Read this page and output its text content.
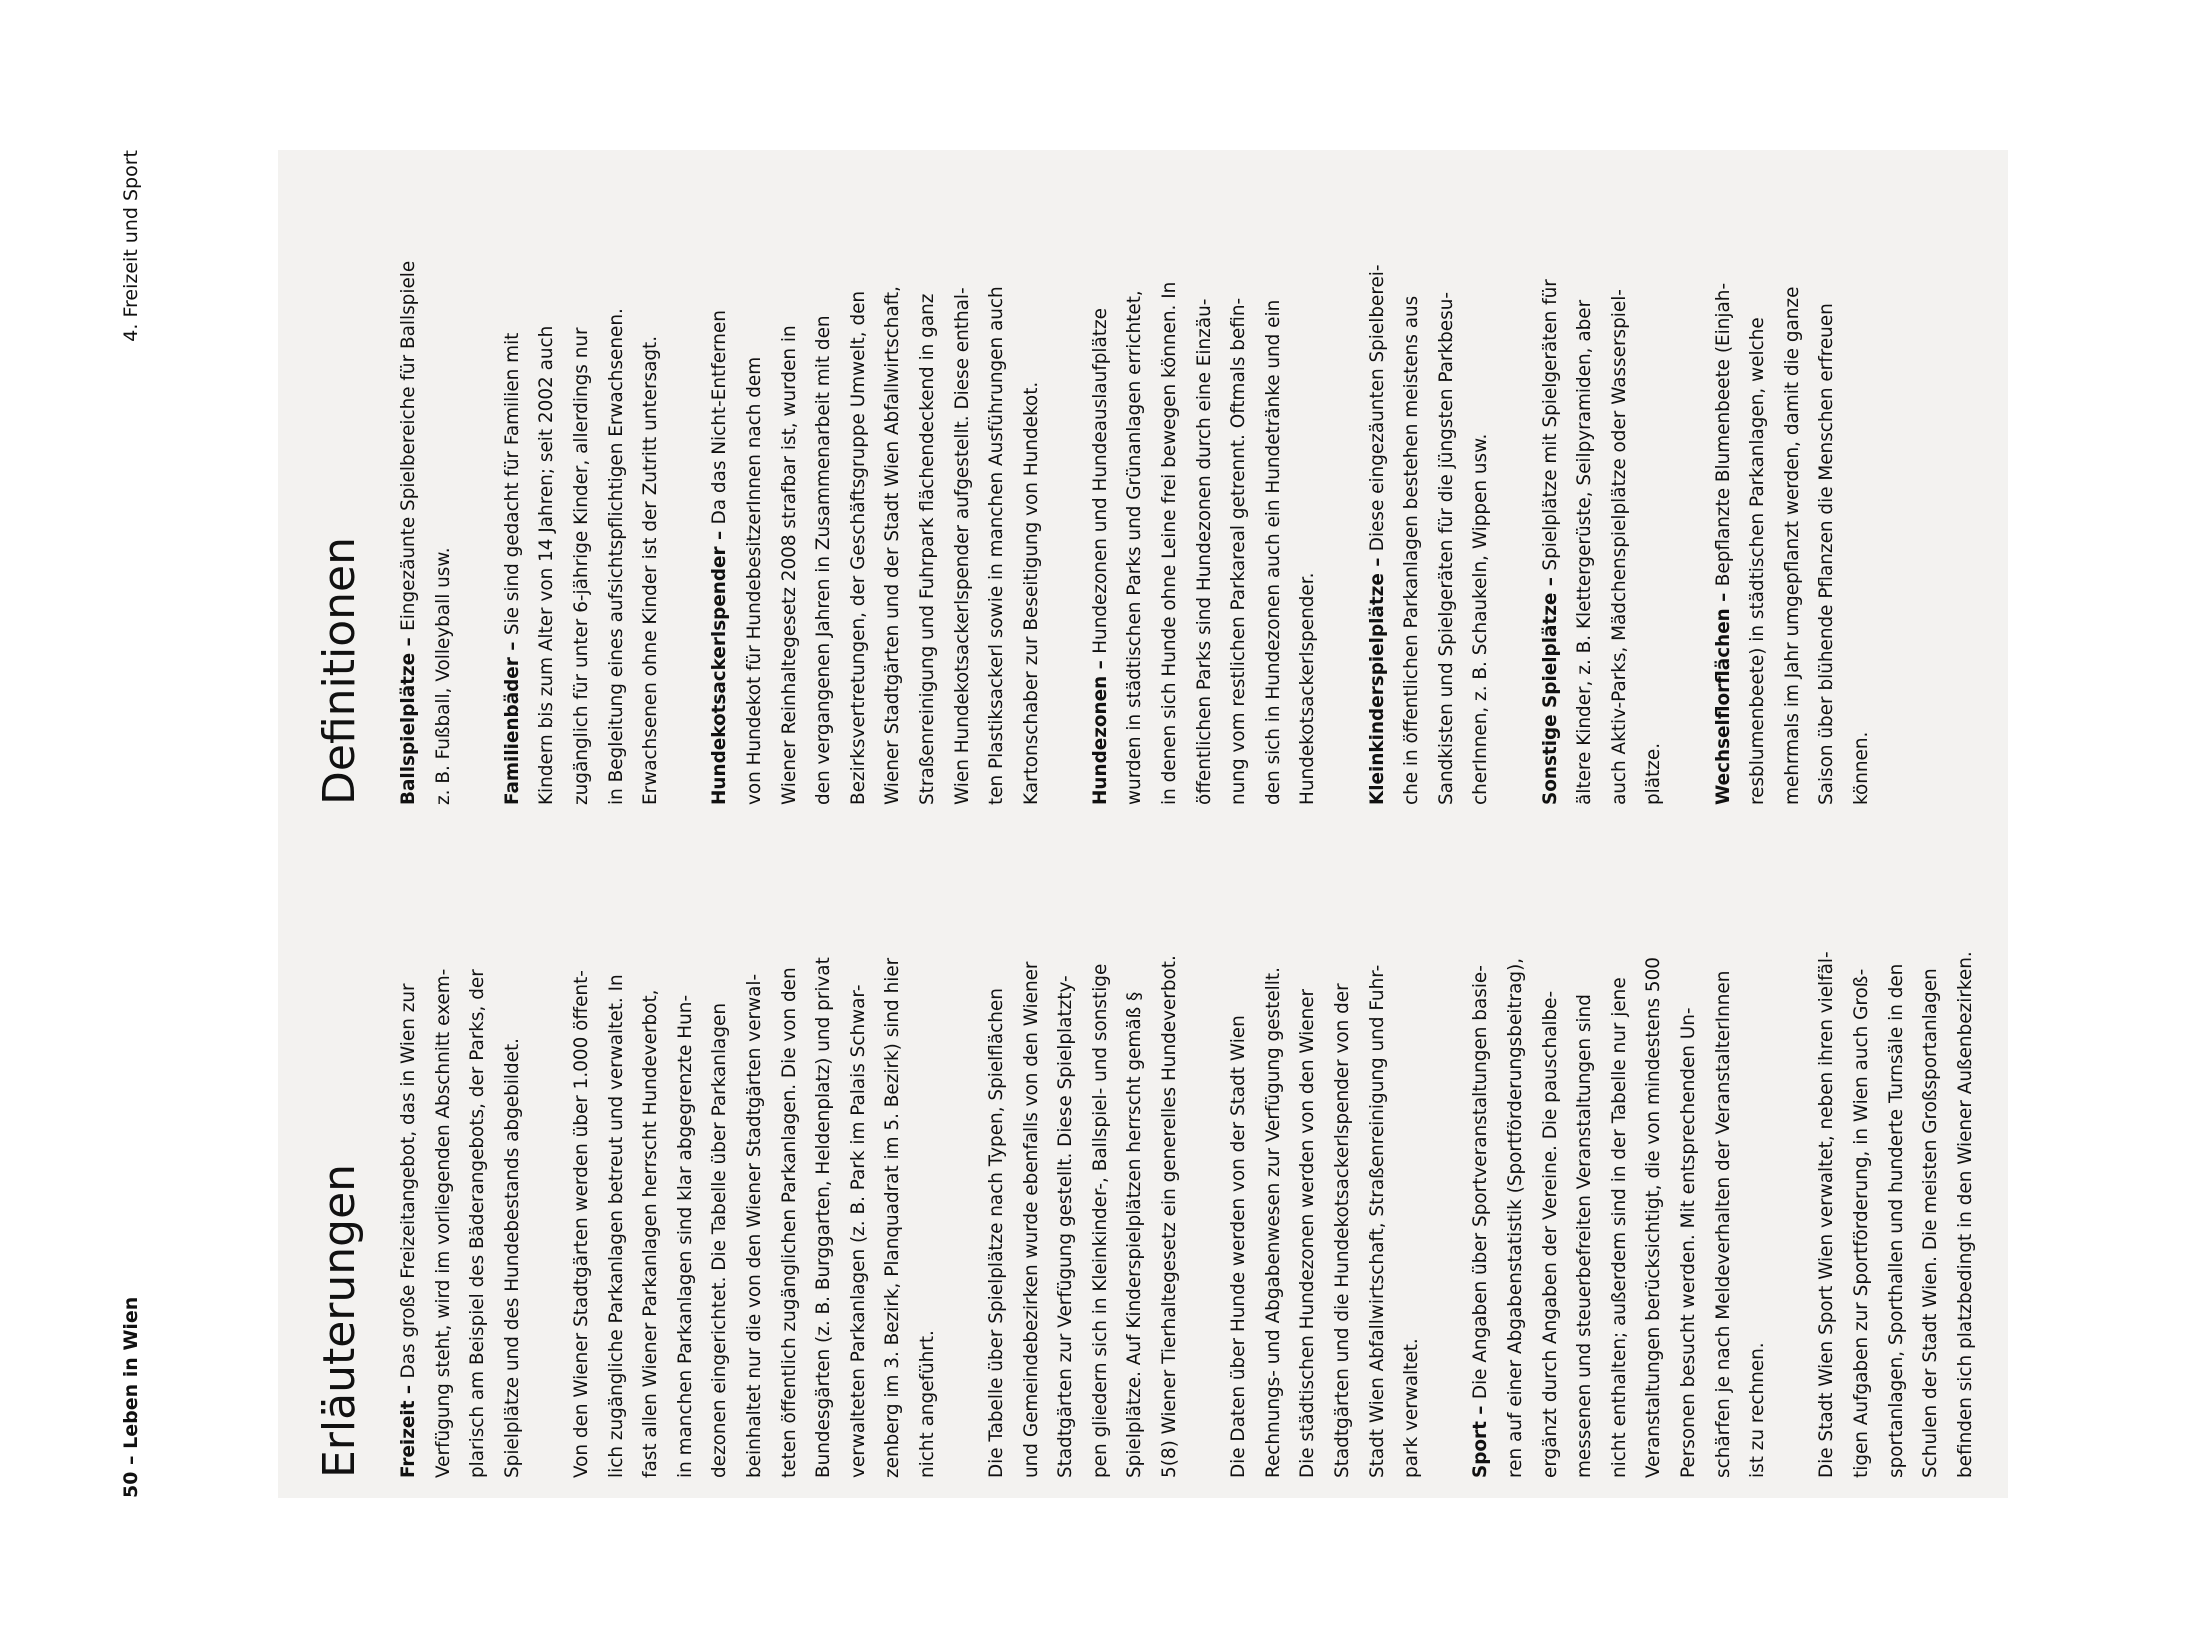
50 – Leben in Wien
4. Freizeit und Sport
Erläuterungen	Freizeit – Das große Freizeitangebot, das in Wien zur Verfügung steht, wird im vorliegenden Abschnitt exem- plarisch am Beispiel des Bäderangebots, der Parks, der Spielplätze und des Hundebestands abgebildet.	Von den Wiener Stadtgärten werden über 1.000 öffent- lich zugängliche Parkanlagen betreut und verwaltet. In fast allen Wiener Parkanlagen herrscht Hundeverbot, in manchen Parkanlagen sind klar abgegrenzte Hun- dezonen eingerichtet. Die Tabelle über Parkanlagen beinhaltet nur die von den Wiener Stadtgärten verwal- teten öffentlich zugänglichen Parkanlagen. Die von den Bundesgärten (z. B. Burggarten, Heldenplatz) und privat verwalteten Parkanlagen (z. B. Park im Palais Schwar- zenberg im 3. Bezirk, Planquadrat im 5. Bezirk) sind hier nicht angeführt.	Die Tabelle über Spielplätze nach Typen, Spielflächen und Gemeindebezirken wurde ebenfalls von den Wiener Stadtgärten zur Verfügung gestellt. Diese Spielplatzty- pen gliedern sich in Kleinkinder-, Ballspiel- und sonstige Spielplätze. Auf Kinderspielplätzen herrscht gemäß § 5(8) Wiener Tierhaltegesetz ein generelles Hundeverbot.	Die Daten über Hunde werden von der Stadt Wien Rechnungs- und Abgabenwesen zur Verfügung gestellt. Die städtischen Hundezonen werden von den Wiener Stadtgärten und die Hundekotsackerlspender von der Stadt Wien Abfallwirtschaft, Straßenreinigung und Fuhr- park verwaltet.	Sport – Die Angaben über Sportveranstaltungen basie- ren auf einer Abgabenstatistik (Sportförderungsbeitrag), ergänzt durch Angaben der Vereine. Die pauschalbe- messenen und steuerbefreiten Veranstaltungen sind nicht enthalten; außerdem sind in der Tabelle nur jene Veranstaltungen berücksichtigt, die von mindestens 500 Personen besucht werden. Mit entsprechenden Un- schärfen je nach Meldeverhalten der VeranstalterInnen ist zu rechnen.	Die Stadt Wien Sport Wien verwaltet, neben ihren vielfäl- tigen Aufgaben zur Sportförderung, in Wien auch Groß- sportanlagen, Sporthallen und hunderte Turnsäle in den Schulen der Stadt Wien. Die meisten Großsportanlagen befinden sich platzbedingt in den Wiener Außenbezirken.
Definitionen	Ballspielplätze – Eingezäunte Spielbereiche für Ballspiele
z. B. Fußball, Volleyball usw.	Familienbäder – Sie sind gedacht für Familien mit Kindern bis zum Alter von 14 Jahren; seit 2002 auch zugänglich für unter 6-jährige Kinder, allerdings nur in Begleitung eines aufsichtspflichtigen Erwachsenen. Erwachsenen ohne Kinder ist der Zutritt untersagt.	Hundekotsackerlspender – Da das Nicht-Entfernen von Hundekot für HundebesitzerInnen nach dem Wiener Reinhaltegesetz 2008 strafbar ist, wurden in den vergangenen Jahren in Zusammenarbeit mit den Bezirksvertretungen, der Geschäftsgruppe Umwelt, den Wiener Stadtgärten und der Stadt Wien Abfallwirtschaft, Straßenreinigung und Fuhrpark flächendeckend in ganz Wien Hundekotsackerlspender aufgestellt. Diese enthal- ten Plastiksackerl sowie in manchen Ausführungen auch Kartonschaber zur Beseitigung von Hundekot.	Hundezonen – Hundezonen und Hundeauslaufplätze wurden in städtischen Parks und Grünanlagen errichtet, in denen sich Hunde ohne Leine frei bewegen können. In öffentlichen Parks sind Hundezonen durch eine Einzäu- nung vom restlichen Parkareal getrennt. Oftmals befin- den sich in Hundezonen auch ein Hundetränke und ein Hundekotsackerlspender.	Kleinkinderspielplätze – Diese eingezäunten Spielberei- che in öffentlichen Parkanlagen bestehen meistens aus Sandkisten und Spielgeräten für die jüngsten Parkbesu- cherInnen, z. B. Schaukeln, Wippen usw.	Sonstige Spielplätze – Spielplätze mit Spielgeräten für ältere Kinder, z. B. Klettergerüste, Seilpyramiden, aber auch Aktiv-Parks, Mädchenspielplätze oder Wasserspiel- plätze.	Wechselflorflächen – Bepflanzte Blumenbeete (Einjah- resblumenbeete) in städtischen Parkanlagen, welche mehrmals im Jahr umgepflanzt werden, damit die ganze Saison über blühende Pflanzen die Menschen erfreuen können.
